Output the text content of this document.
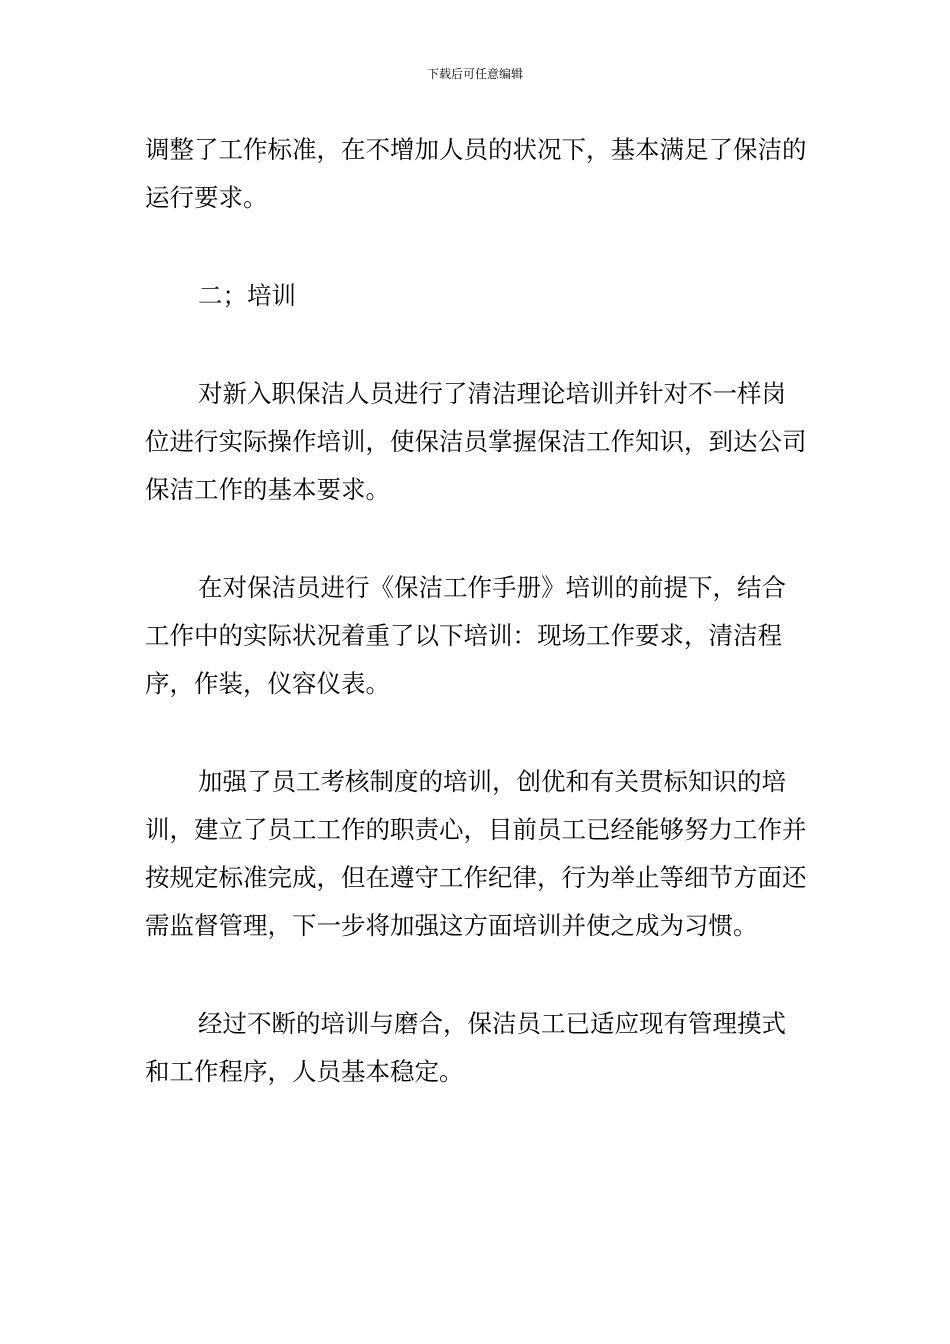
下载后可任意编辑

调整了工作标准，在不增加人员的状况下，基本满足了保洁的运行要求。

二；培训

对新入职保洁人员进行了清洁理论培训并针对不一样岗位进行实际操作培训，使保洁员掌握保洁工作知识，到达公司保洁工作的基本要求。

在对保洁员进行《保洁工作手册》培训的前提下，结合工作中的实际状况着重了以下培训：现场工作要求，清洁程序，作装，仪容仪表。

加强了员工考核制度的培训，创优和有关贯标知识的培训，建立了员工工作的职责心，目前员工已经能够努力工作并按规定标准完成，但在遵守工作纪律，行为举止等细节方面还需监督管理，下一步将加强这方面培训并使之成为习惯。

经过不断的培训与磨合，保洁员工已适应现有管理摸式和工作程序，人员基本稳定。
